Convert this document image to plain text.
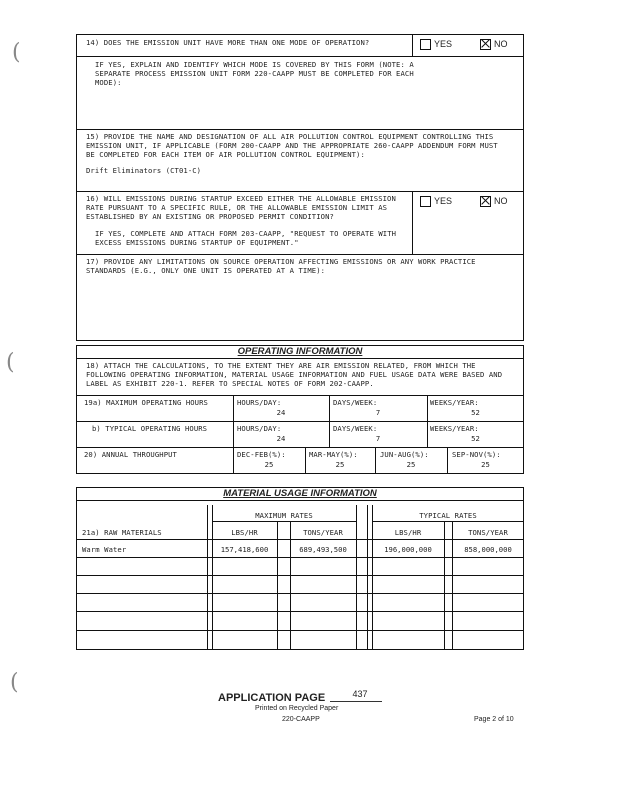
(
(
(
14) DOES THE EMISSION UNIT HAVE MORE THAN ONE MODE OF OPERATION?	YES	NO
IF YES, EXPLAIN AND IDENTIFY WHICH MODE IS COVERED BY THIS FORM (NOTE: A SEPARATE PROCESS EMISSION UNIT FORM 220-CAAPP MUST BE COMPLETED FOR EACH MODE):
15) PROVIDE THE NAME AND DESIGNATION OF ALL AIR POLLUTION CONTROL EQUIPMENT CONTROLLING THIS EMISSION UNIT, IF APPLICABLE (FORM 200-CAAPP AND THE APPROPRIATE 260-CAAPP ADDENDUM FORM MUST BE COMPLETED FOR EACH ITEM OF AIR POLLUTION CONTROL EQUIPMENT):
Drift Eliminators (CT01-C)
16) WILL EMISSIONS DURING STARTUP EXCEED EITHER THE ALLOWABLE EMISSION RATE PURSUANT TO A SPECIFIC RULE, OR THE ALLOWABLE EMISSION LIMIT AS ESTABLISHED BY AN EXISTING OR PROPOSED PERMIT CONDITION?
YES	NO
IF YES, COMPLETE AND ATTACH FORM 203-CAAPP, "REQUEST TO OPERATE WITH EXCESS EMISSIONS DURING STARTUP OF EQUIPMENT."
17) PROVIDE ANY LIMITATIONS ON SOURCE OPERATION AFFECTING EMISSIONS OR ANY WORK PRACTICE STANDARDS (E.G., ONLY ONE UNIT IS OPERATED AT A TIME):
OPERATING INFORMATION
18) ATTACH THE CALCULATIONS, TO THE EXTENT THEY ARE AIR EMISSION RELATED, FROM WHICH THE FOLLOWING OPERATING INFORMATION, MATERIAL USAGE INFORMATION AND FUEL USAGE DATA WERE BASED AND LABEL AS EXHIBIT 220-1. REFER TO SPECIAL NOTES OF FORM 202-CAAPP.
19a) MAXIMUM OPERATING HOURS	HOURS/DAY:	DAYS/WEEK:	WEEKS/YEAR:
24	7	52
b) TYPICAL OPERATING HOURS	HOURS/DAY:	DAYS/WEEK:	WEEKS/YEAR:
24	7	52
20) ANNUAL THROUGHPUT	DEC-FEB(%):	MAR-MAY(%):	JUN-AUG(%):	SEP-NOV(%):
25	25	25	25
MATERIAL USAGE INFORMATION
MAXIMUM RATES	TYPICAL RATES
21a) RAW MATERIALS	LBS/HR	TONS/YEAR	LBS/HR	TONS/YEAR
Warm Water	157,418,600	689,493,500	196,000,000	858,000,000
APPLICATION PAGE	437
Printed on Recycled Paper
220-CAAPP	Page 2 of 10
